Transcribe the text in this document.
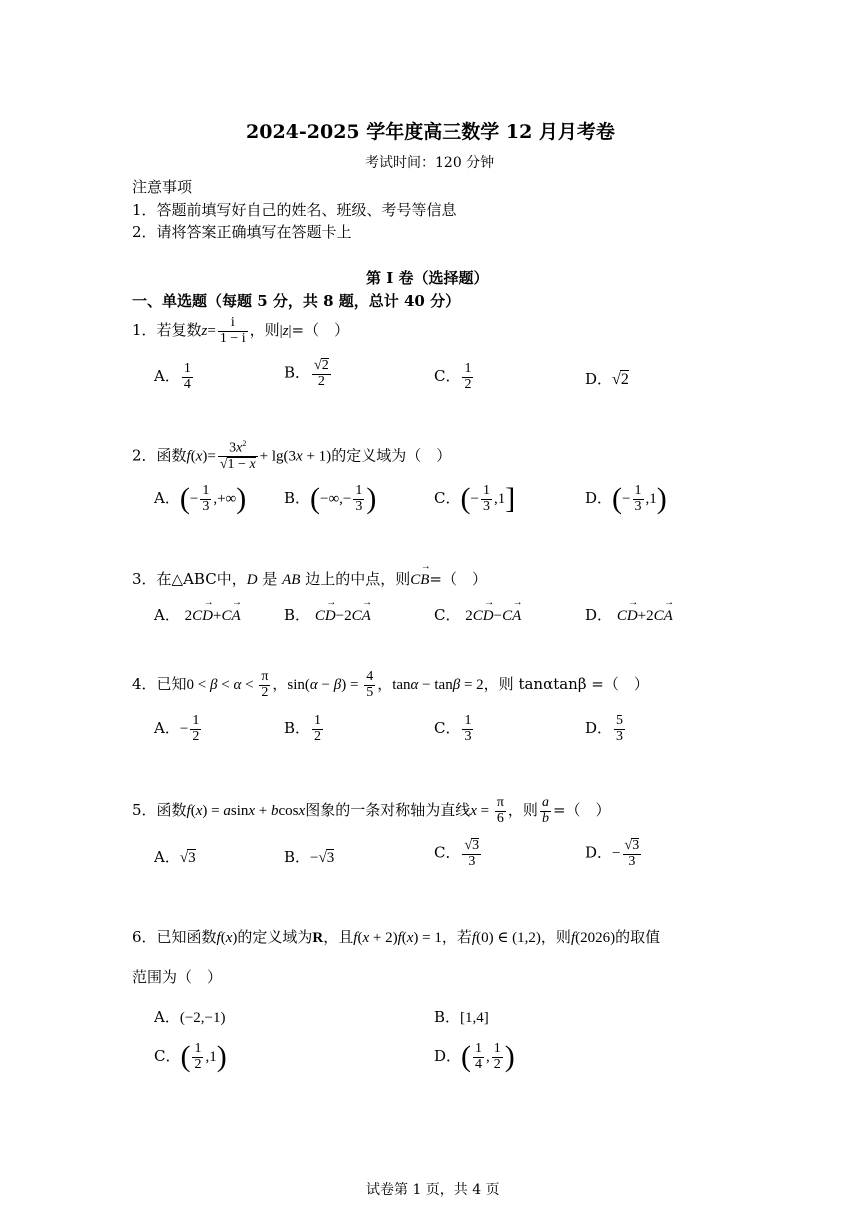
2024-2025 学年度高三数学 12 月月考卷
考试时间：120 分钟
注意事项
1．答题前填写好自己的姓名、班级、考号等信息
2．请将答案正确填写在答题卡上
第 I 卷（选择题）
一、单选题（每题 5 分，共 8 题，总计 40 分）
1．若复数$z= \frac{i}{1 - i}$ ，则|z|=（　）
A． $\frac{1}{4}$	B． $\frac{√2}{2}$	C． $\frac{1}{2}$	D．√2
2．函数$f(x)= \frac{3x^2}{√1 - x} + \lg(3x + 1)$的定义域为（　）
A．(− $\frac{1}{3}$ ,+∞)	B．(−∞,− $\frac{1}{3}$ )	C．(− $\frac{1}{3} ,1$]	D．(− $\frac{1}{3} ,1$)
3．在△ABC中，D 是 AB 边上的中点，则CB →=（　）
A． 2CD →+CA →	B． CD →−2CA →	C． 2CD →−CA →	D． CD →+2CA →
4．已知$0 < \beta < \alpha < \frac{\pi}{2}$ ，$\sin(\alpha - \beta) = \frac{4}{5}$ ，tanα − tanβ = 2，则 tanαtanβ =（　）
A．− $\frac{1}{2}$	B． $\frac{1}{2}$	C． $\frac{1}{3}$	D． $\frac{5}{3}$
5．函数f(x) = asinx + bcosx图象的一条对称轴为直线$x = \frac{\pi}{6}$ ，则 $\frac{a}{b}$ =（　）
A．√3	B．−√3	C． $\frac{√3}{3}$	D．− $\frac{√3}{3}$
6．已知函数f(x)的定义域为R，且f(x + 2)f(x) = 1，若f(0) ∈ (1,2)，则f(2026)的取值
范围为（　）
A．(−2,−1)	B．[1,4]
C．( $\frac{1}{2} ,1$)	D．( $\frac{1}{4}$ , $\frac{1}{2}$ )
试卷第 1 页，共 4 页
